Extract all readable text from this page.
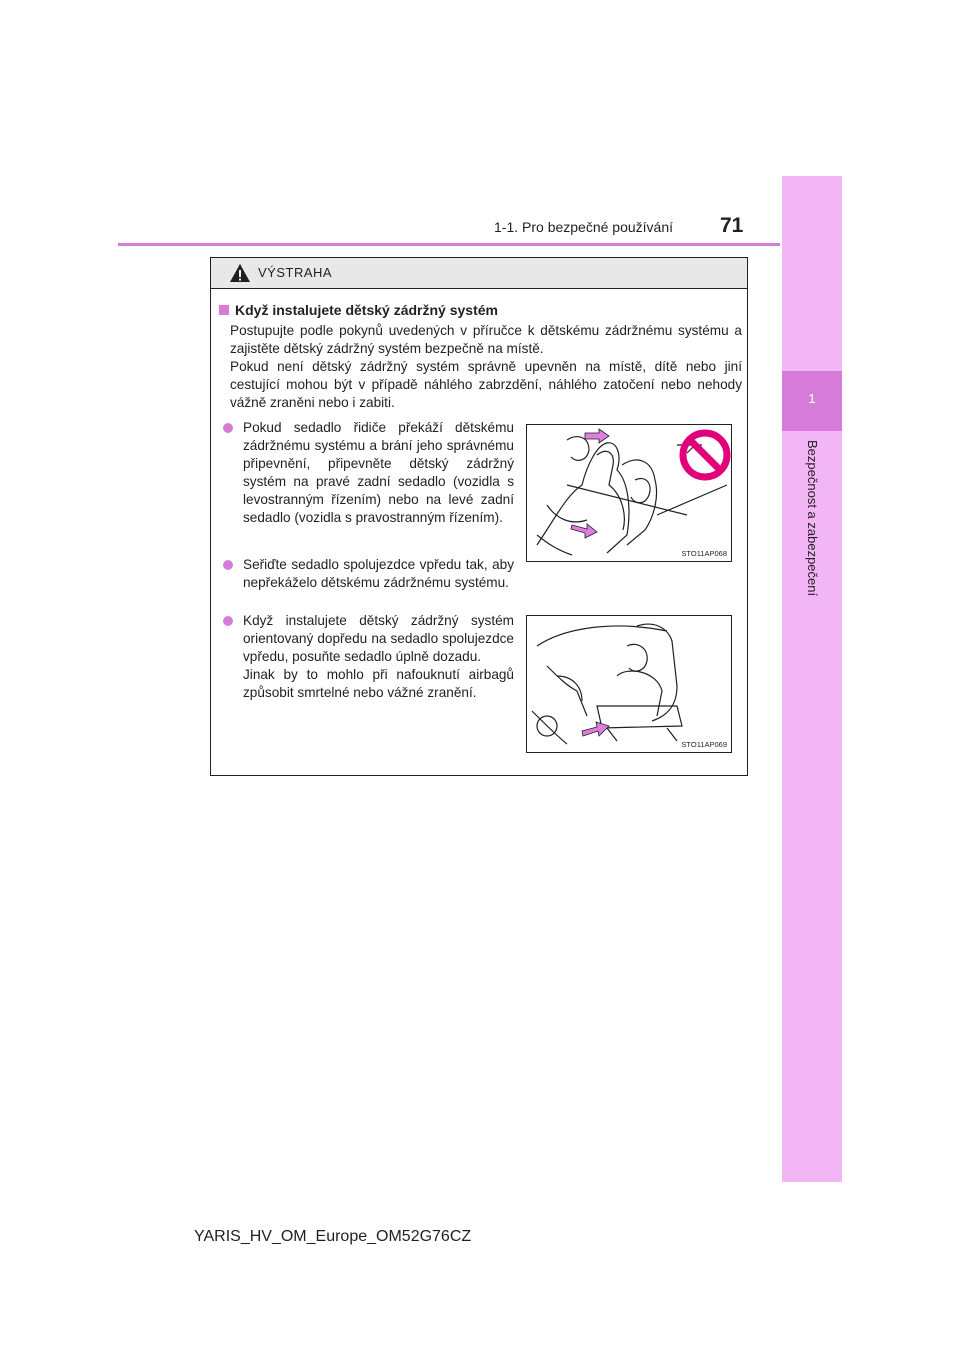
1-1. Pro bezpečné používání 71
1
Bezpečnost a zabezpečení
VÝSTRAHA
Když instalujete dětský zádržný systém
Postupujte podle pokynů uvedených v příručce k dětskému zádržnému systému a zajistěte dětský zádržný systém bezpečně na místě.
Pokud není dětský zádržný systém správně upevněn na místě, dítě nebo jiní cestující mohou být v případě náhlého zabrzdění, náhlého zatočení nebo nehody vážně zraněni nebo i zabiti.
Pokud sedadlo řidiče překáží dětskému zádržnému systému a brání jeho správnému připevnění, připevněte dětský zádržný systém na pravé zadní sedadlo (vozidla s levostranným řízením) nebo na levé zadní sedadlo (vozidla s pravostranným řízením).
Seřiďte sedadlo spolujezdce vpředu tak, aby nepřekáželo dětskému zádržnému systému.
Když instalujete dětský zádržný systém orientovaný dopředu na sedadlo spolujezdce vpředu, posuňte sedadlo úplně dozadu.
Jinak by to mohlo při nafouknutí airbagů způsobit smrtelné nebo vážné zranění.
STO11AP068
STO11AP069
YARIS_HV_OM_Europe_OM52G76CZ
